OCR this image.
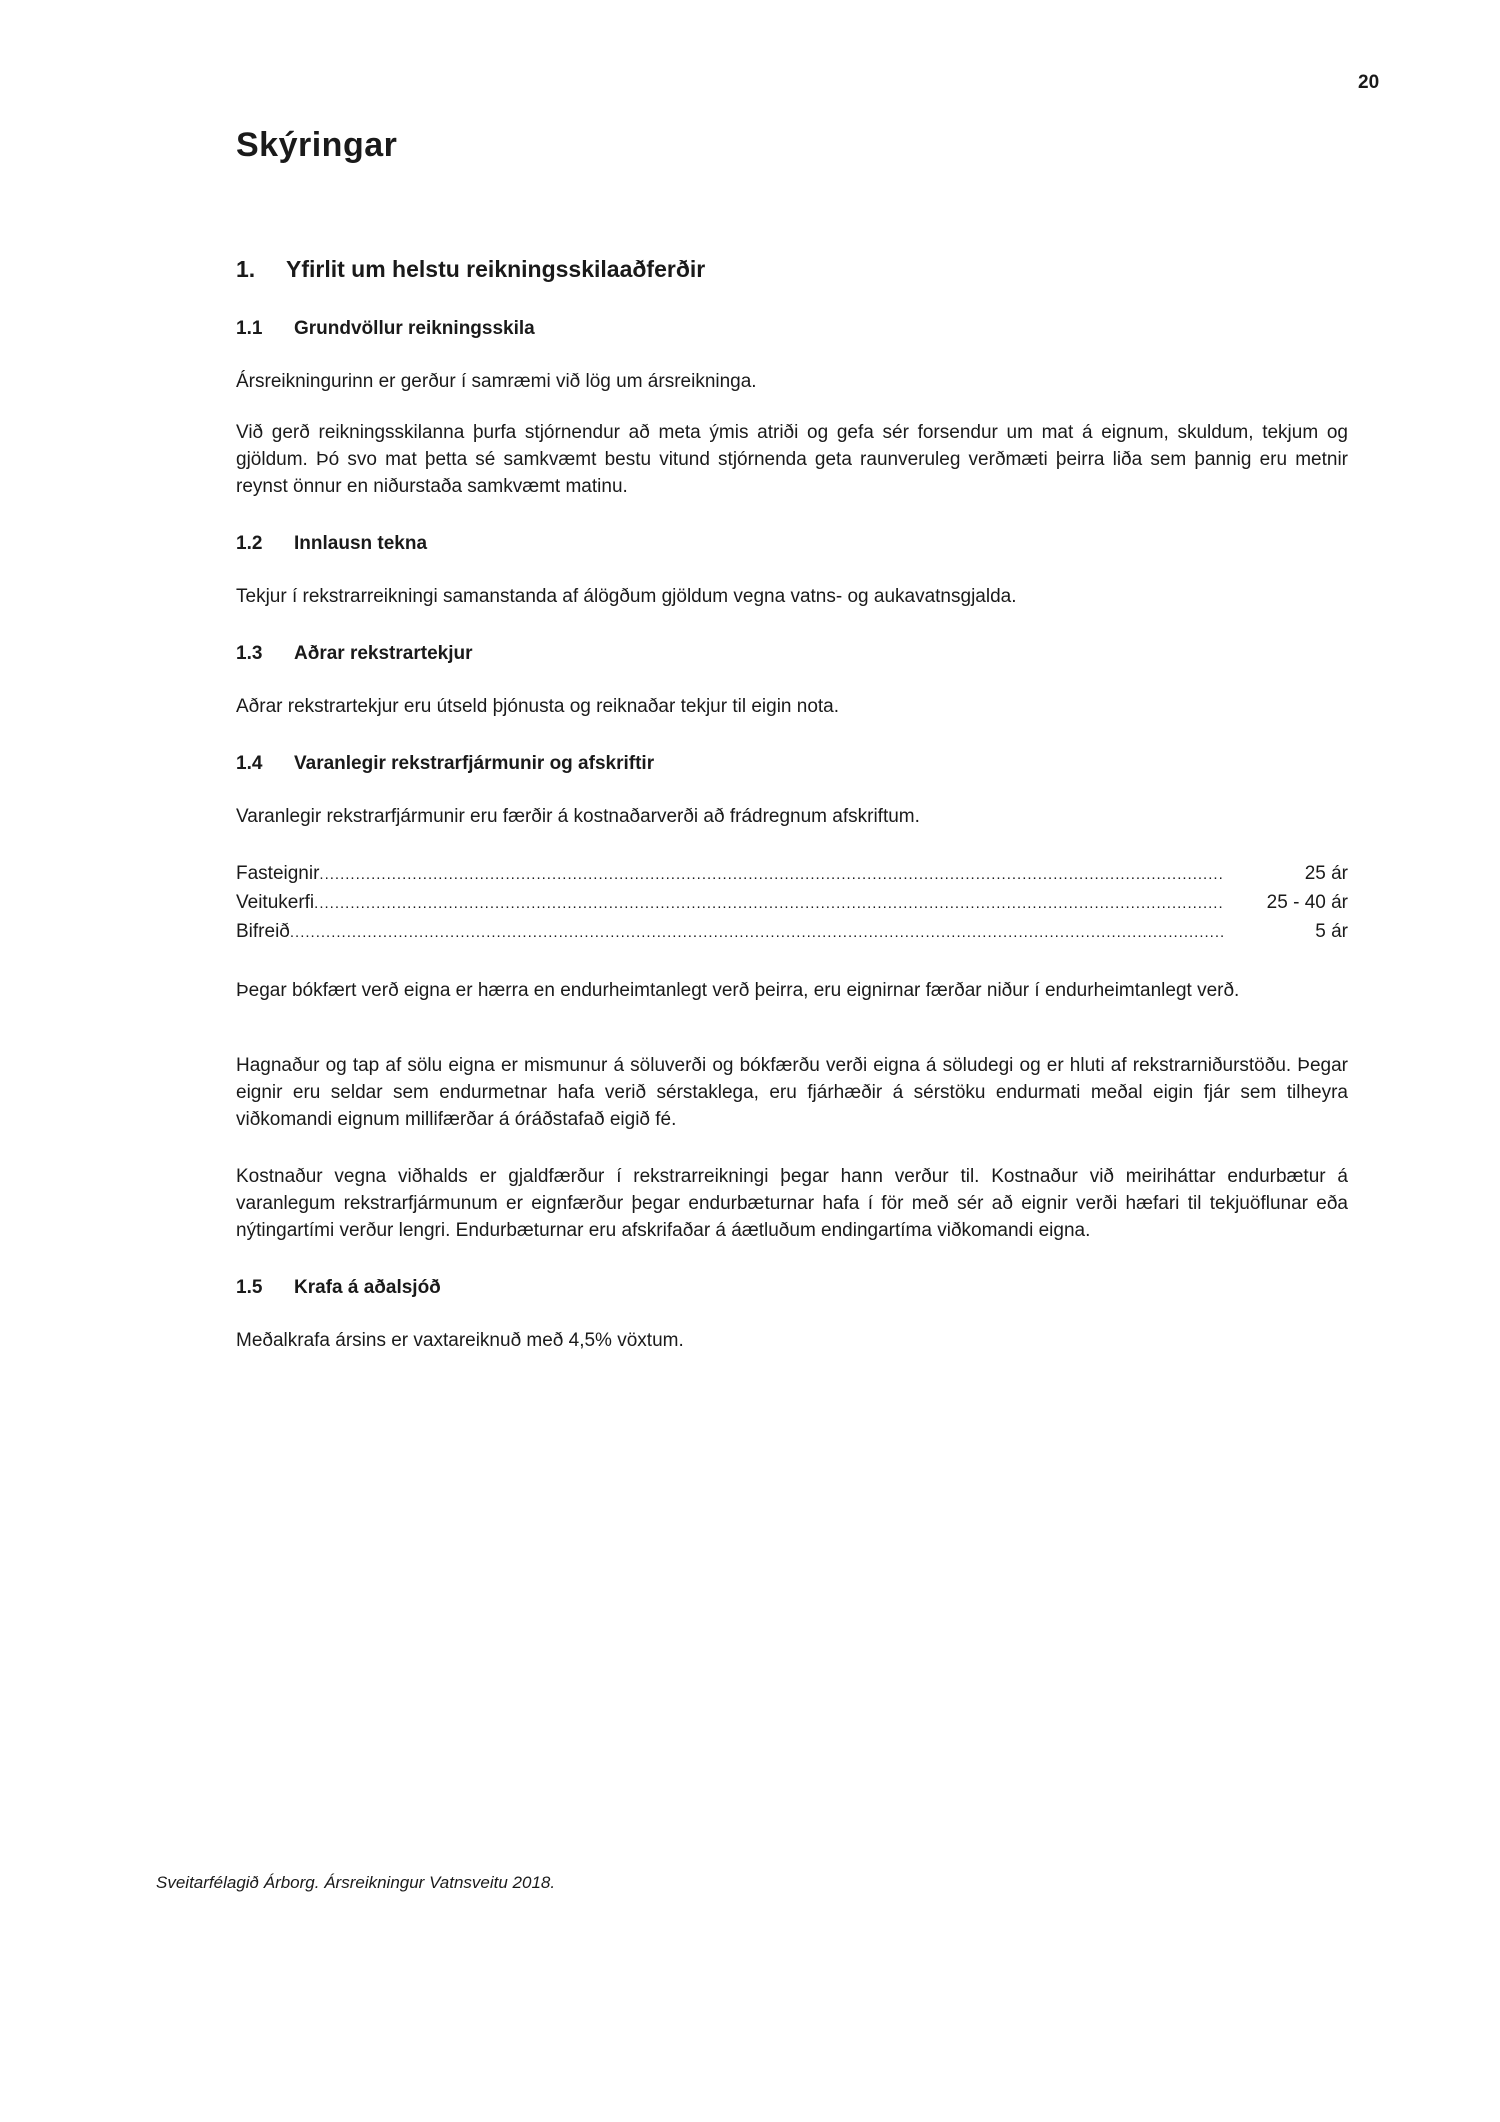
20
Skýringar
1.	Yfirlit um helstu reikningsskilaaðferðir
1.1	Grundvöllur reikningsskila

Ársreikningurinn er gerður í samræmi við lög um ársreikninga.

Við gerð reikningsskilanna þurfa stjórnendur að meta ýmis atriði og gefa sér forsendur um mat á eignum, skuldum, tekjum og gjöldum. Þó svo mat þetta sé samkvæmt bestu vitund stjórnenda geta raunveruleg verðmæti þeirra liða sem þannig eru metnir reynst önnur en niðurstaða samkvæmt matinu.

1.2	Innlausn tekna

Tekjur í rekstrarreikningi samanstanda af álögðum gjöldum vegna vatns- og aukavatnsgjalda.

1.3	Aðrar rekstrartekjur

Aðrar rekstrartekjur eru útseld þjónusta og reiknaðar tekjur til eigin nota.

1.4	Varanlegir rekstrarfjármunir og afskriftir

Varanlegir rekstrarfjármunir eru færðir á kostnaðarverði að frádregnum afskriftum.

Fasteignir .....	25 ár
Veitukerfi .....	25 - 40 ár
Bifreið .....	5 ár

Þegar bókfært verð eigna er hærra en endurheimtanlegt verð þeirra, eru eignirnar færðar niður í endurheimtanlegt verð.

Hagnaður og tap af sölu eigna er mismunur á söluverði og bókfærðu verði eigna á söludegi og er hluti af rekstrarniðurstöðu. Þegar eignir eru seldar sem endurmetnar hafa verið sérstaklega, eru fjárhæðir á sérstöku endurmati meðal eigin fjár sem tilheyra viðkomandi eignum millifærðar á óráðstafað eigið fé.

Kostnaður vegna viðhalds er gjaldfærður í rekstrarreikningi þegar hann verður til. Kostnaður við meiriháttar endurbætur á varanlegum rekstrarfjármunum er eignfærður þegar endurbæturnar hafa í för með sér að eignir verði hæfari til tekjuöflunar eða nýtingartími verður lengri. Endurbæturnar eru afskrifaðar á áætluðum endingartíma viðkomandi eigna.

1.5	Krafa á aðalsjóð

Meðalkrafa ársins er vaxtareiknuð með 4,5% vöxtum.

Sveitarfélagið Árborg. Ársreikningur Vatnsveitu 2018.
